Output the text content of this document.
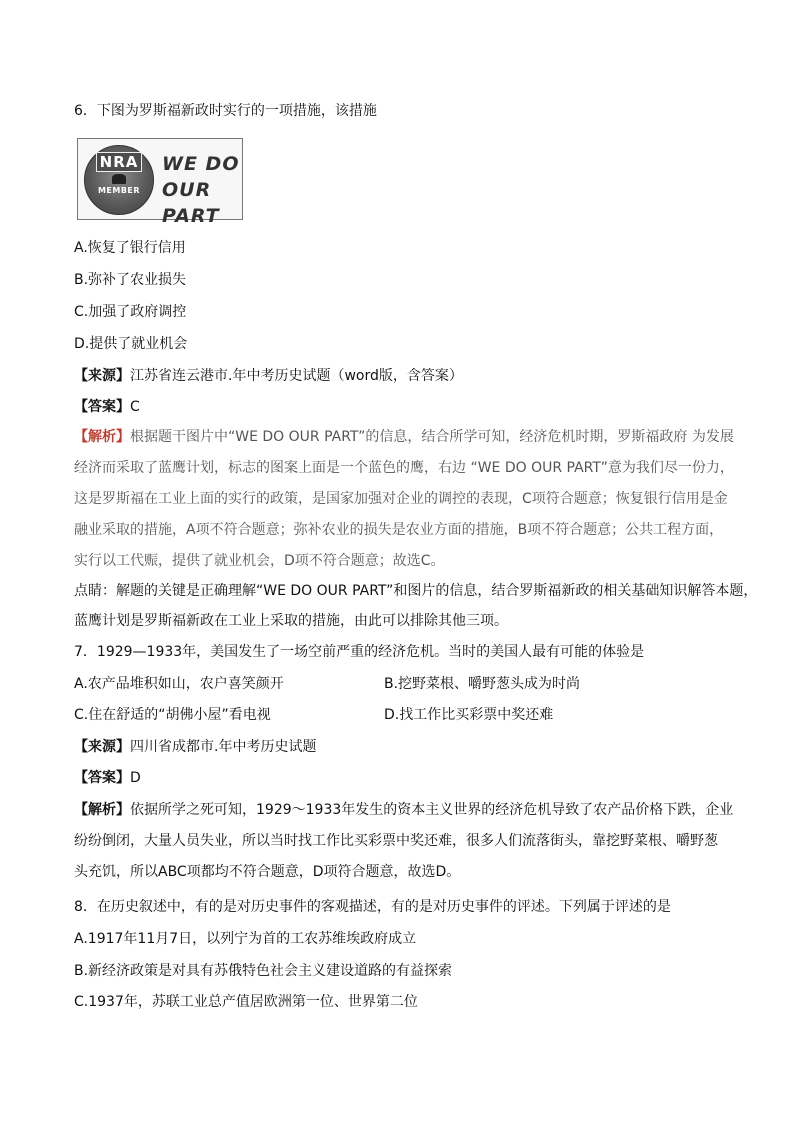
6．下图为罗斯福新政时实行的一项措施，该措施
NRA
MEMBER
WE DO
OUR PART
A.恢复了银行信用
B.弥补了农业损失
C.加强了政府调控
D.提供了就业机会
【来源】江苏省连云港市.年中考历史试题（word版，含答案）
【答案】C
【解析】根据题干图片中“WE DO OUR PART”的信息，结合所学可知，经济危机时期，罗斯福政府 为发展
经济而采取了蓝鹰计划，标志的图案上面是一个蓝色的鹰，右边 “WE DO OUR PART”意为我们尽一份力，
这是罗斯福在工业上面的实行的政策，是国家加强对企业的调控的表现，C项符合题意；恢复银行信用是金
融业采取的措施，A项不符合题意；弥补农业的损失是农业方面的措施，B项不符合题意；公共工程方面，
实行以工代赈，提供了就业机会，D项不符合题意；故选C。
点睛：解题的关键是正确理解“WE DO OUR PART”和图片的信息，结合罗斯福新政的相关基础知识解答本题，
蓝鹰计划是罗斯福新政在工业上采取的措施，由此可以排除其他三项。
7．1929—1933年，美国发生了一场空前严重的经济危机。当时的美国人最有可能的体验是
A.农产品堆积如山，农户喜笑颜开	B.挖野菜根、嚼野葱头成为时尚
C.住在舒适的“胡佛小屋”看电视	D.找工作比买彩票中奖还难
【来源】四川省成都市.年中考历史试题
【答案】D
【解析】依据所学之死可知，1929～1933年发生的资本主义世界的经济危机导致了农产品价格下跌，企业
纷纷倒闭，大量人员失业，所以当时找工作比买彩票中奖还难，很多人们流落街头，靠挖野菜根、嚼野葱
头充饥，所以ABC项都均不符合题意，D项符合题意，故选D。
8．在历史叙述中，有的是对历史事件的客观描述，有的是对历史事件的评述。下列属于评述的是
A.1917年11月7日，以列宁为首的工农苏维埃政府成立
B.新经济政策是对具有苏俄特色社会主义建设道路的有益探索
C.1937年，苏联工业总产值居欧洲第一位、世界第二位
